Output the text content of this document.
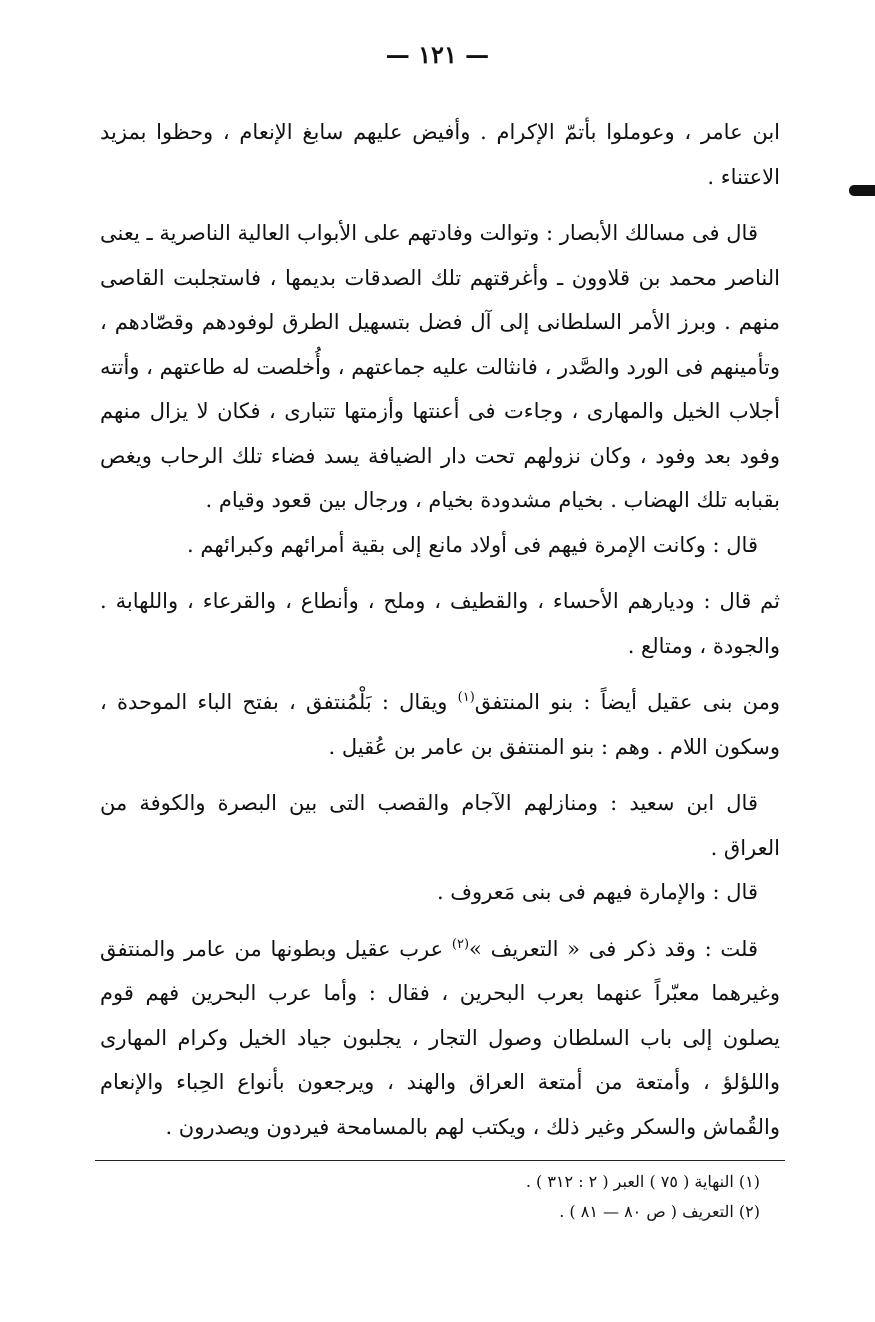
— ١٢١ —

ابن عامر ، وعوملوا بأتمّ الإكرام . وأفيض عليهم سابغ الإنعام ، وحظوا بمزيد الاعتناء .

قال فى مسالك الأبصار : وتوالت وفادتهم على الأبواب العالية الناصرية ـ يعنى الناصر محمد بن قلاوون ـ وأغرقتهم تلك الصدقات بديمها ، فاستجلبت القاصى منهم . وبرز الأمر السلطانى إلى آل فضل بتسهيل الطرق لوفودهم وقصّادهم ، وتأمينهم فى الورد والصَّدر ، فانثالت عليه جماعتهم ، وأُخلصت له طاعتهم ، وأتته أجلاب الخيل والمهارى ، وجاءت فى أعنتها وأزمتها تتبارى ، فكان لا يزال منهم وفود بعد وفود ، وكان نزولهم تحت دار الضيافة يسد فضاء تلك الرحاب ويغص بقبابه تلك الهضاب . بخيام مشدودة بخيام ، ورجال بين قعود وقيام .

قال : وكانت الإمرة فيهم فى أولاد مانع إلى بقية أمرائهم وكبرائهم .

ثم قال : وديارهم الأحساء ، والقطيف ، وملح ، وأنطاع ، والقرعاء ، واللهابة . والجودة ، ومتالع .

ومن بنى عقيل أيضاً : بنو المنتفق$^{(١)}$ ويقال : بَلْمُنتفق ، بفتح الباء الموحدة ، وسكون اللام . وهم : بنو المنتفق بن عامر بن عُقيل .

قال ابن سعيد : ومنازلهم الآجام والقصب التى بين البصرة والكوفة من العراق .

قال : والإمارة فيهم فى بنى مَعروف .

قلت : وقد ذكر فى « التعريف »$^{(٢)}$ عرب عقيل وبطونها من عامر والمنتفق وغيرهما معبّراً عنهما بعرب البحرين ، فقال : وأما عرب البحرين فهم قوم يصلون إلى باب السلطان وصول التجار ، يجلبون جياد الخيل وكرام المهارى واللؤلؤ ، وأمتعة من أمتعة العراق والهند ، ويرجعون بأنواع الحِباء والإنعام والقُماش والسكر وغير ذلك ، ويكتب لهم بالمسامحة فيردون ويصدرون .

(١) النهاية ( ٧٥ ) العبر ( ٢ : ٣١٢ ) .
(٢) التعريف ( ص ٨٠ — ٨١ ) .
